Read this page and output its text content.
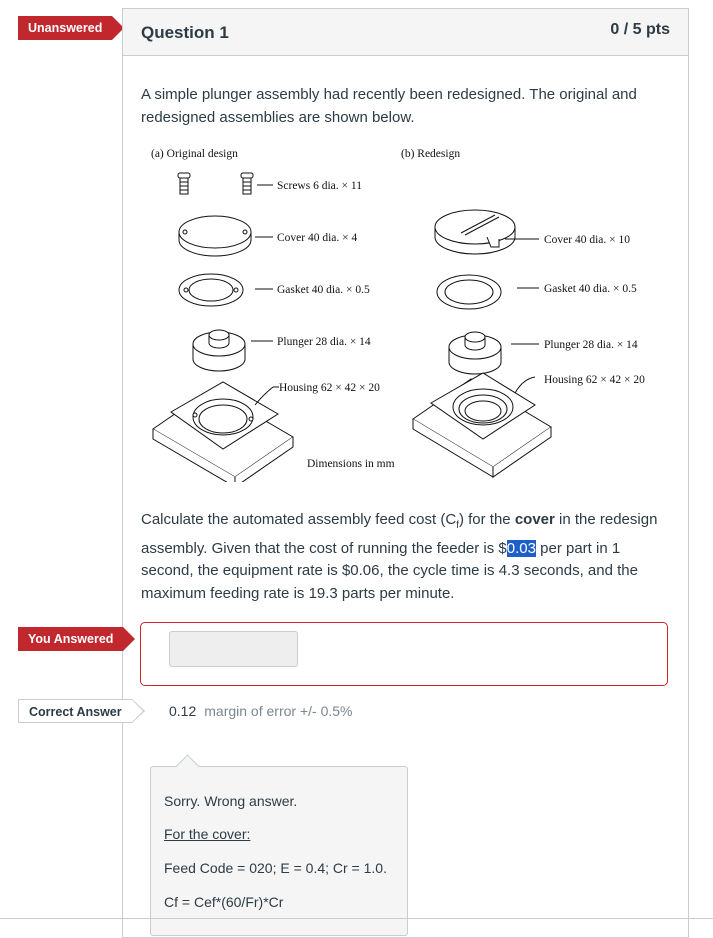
Unanswered	Question 1	0 / 5 pts
A simple plunger assembly had recently been redesigned. The original and redesigned assemblies are shown below.
(a) Original design	(b) Redesign
Screws 6 dia. × 11
Cover 40 dia. × 4
Gasket 40 dia. × 0.5
Plunger 28 dia. × 14
Housing 62 × 42 × 20
Cover 40 dia. × 10
Gasket 40 dia. × 0.5
Plunger 28 dia. × 14
Housing 62 × 42 × 20
Dimensions in mm
Calculate the automated assembly feed cost $(C_f)$ for the cover in the redesign assembly. Given that the cost of running the feeder is $0.03 per part in 1 second, the equipment rate is $0.06, the cycle time is 4.3 seconds, and the maximum feeding rate is 19.3 parts per minute.
You Answered
Correct Answer	0.12 margin of error +/- 0.5%
Sorry. Wrong answer.
For the cover:
Feed Code = 020; E = 0.4; Cr = 1.0.
Cf = Cef*(60/Fr)*Cr
